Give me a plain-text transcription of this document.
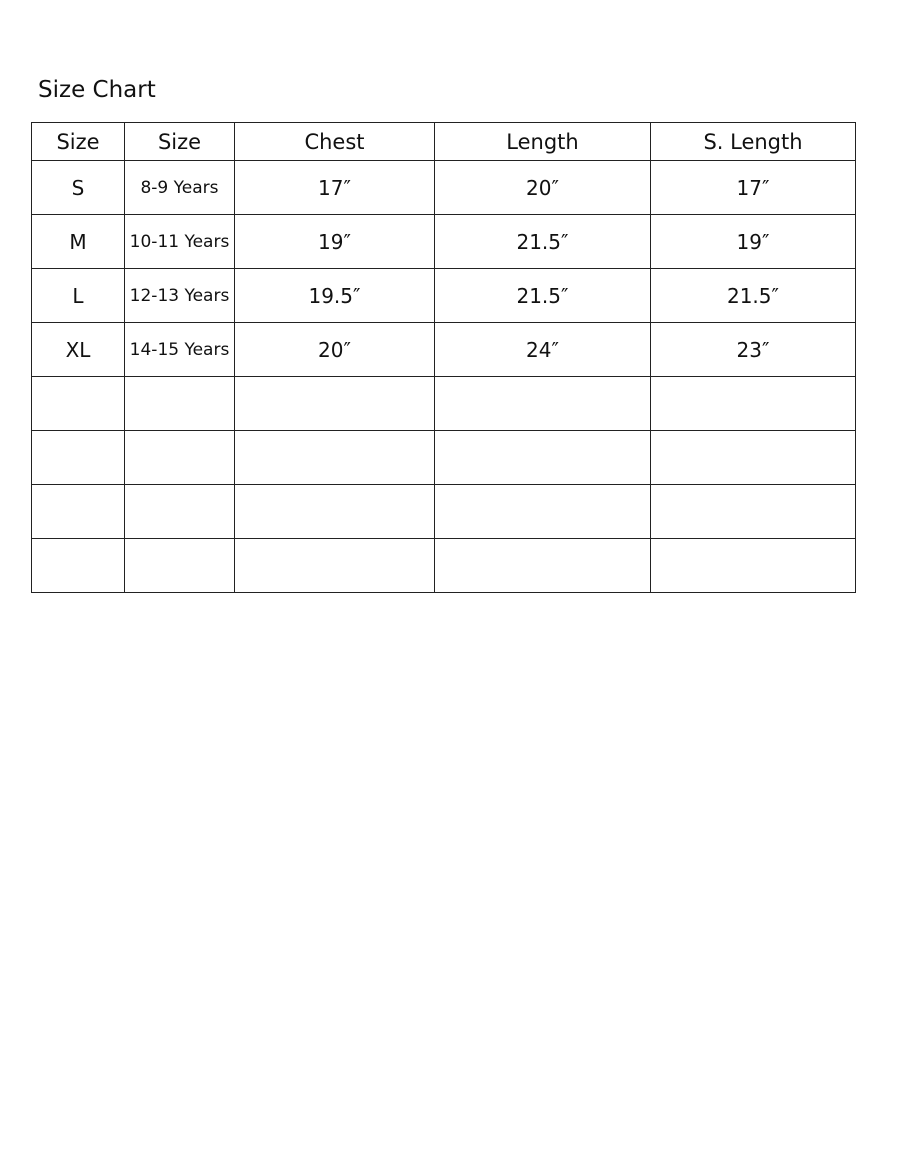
Size Chart
Size	Size	Chest	Length	S. Length
S	8-9 Years	17″	20″	17″
M	10-11 Years	19″	21.5″	19″
L	12-13 Years	19.5″	21.5″	21.5″
XL	14-15 Years	20″	24″	23″
